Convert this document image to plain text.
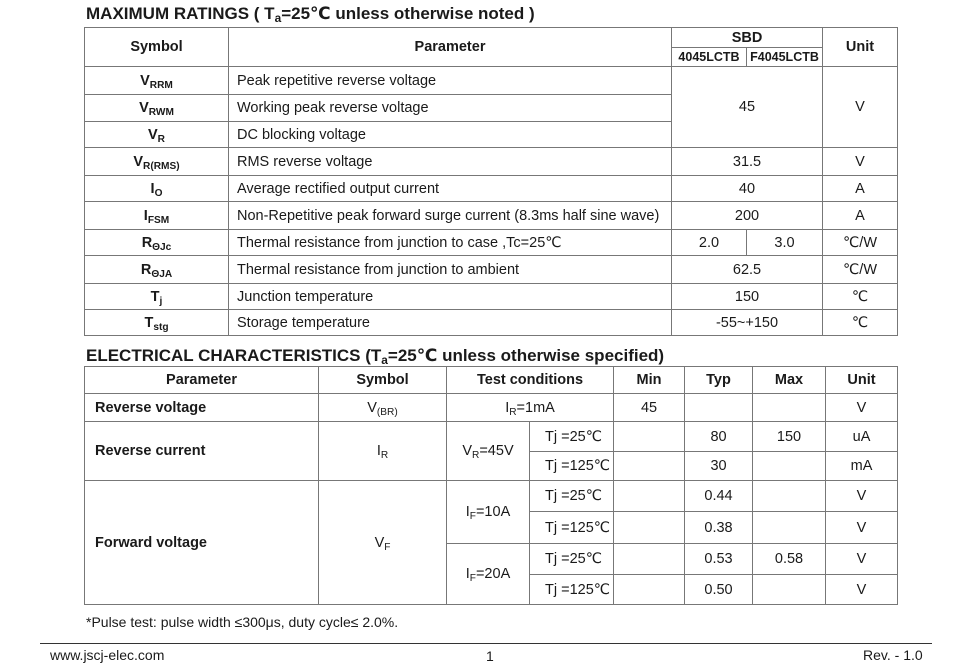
MAXIMUM RATINGS ( $T_a=25℃$ unless otherwise noted )
Symbol	Parameter	SBD		Unit
		4045LCTB	F4045LCTB	
$V_{RRM}$	Peak repetitive reverse voltage	45		V
$V_{RWM}$	Working peak reverse voltage			
$V_R$	DC blocking voltage			
$V_{R(RMS)}$	RMS reverse voltage	31.5		V
$I_O$	Average rectified output current	40		A
$I_{FSM}$	Non-Repetitive peak forward surge current (8.3ms half sine wave)	200		A
$R_{\Theta Jc}$	Thermal resistance from junction to case ,Tc=25℃	2.0	3.0	℃/W
$R_{\Theta JA}$	Thermal resistance from junction to ambient	62.5		℃/W
$T_j$	Junction temperature	150		℃
$T_{stg}$	Storage temperature	-55~+150		℃
ELECTRICAL CHARACTERISTICS ($T_a=25℃$ unless otherwise specified)
Parameter	Symbol	Test conditions		Min	Typ	Max	Unit
Reverse voltage	$V_{(BR)}$	$I_R=1mA$		45			V
Reverse current	$I_R$	$V_R=45V$	Tj =25℃		80	150	uA
			Tj =125℃		30		mA
Forward voltage	$V_F$	$I_F=10A$	Tj =25℃		0.44		V
			Tj =125℃		0.38		V
		$I_F=20A$	Tj =25℃		0.53	0.58	V
			Tj =125℃		0.50		V
*Pulse test: pulse width ≤300μs, duty cycle≤ 2.0%.
www.jscj-elec.com	1	Rev. - 1.0
